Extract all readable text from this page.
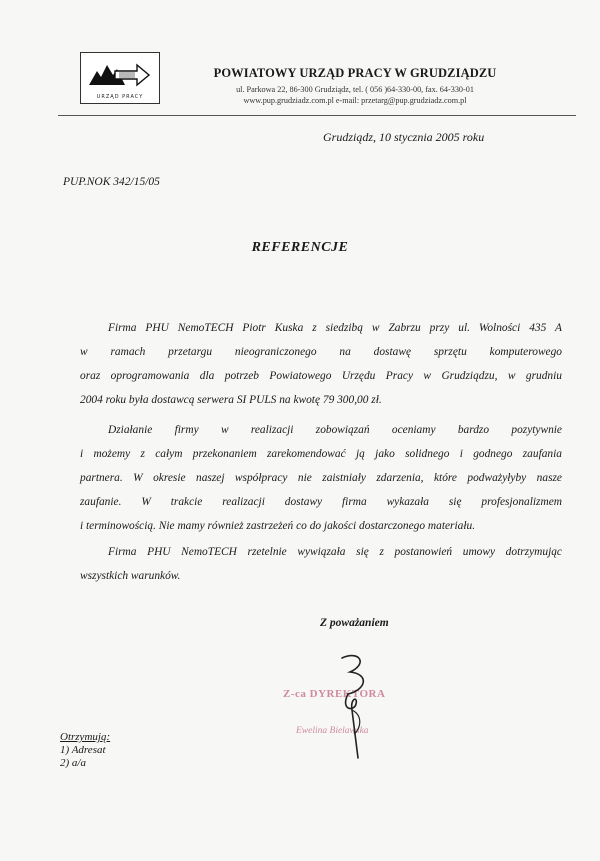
URZĄD PRACY
POWIATOWY URZĄD PRACY W GRUDZIĄDZU
ul. Parkowa 22, 86-300 Grudziądz, tel. ( 056 )64-330-00, fax. 64-330-01
www.pup.grudziadz.com.pl e-mail: przetarg@pup.grudziadz.com.pl
Grudziądz, 10 stycznia 2005 roku
PUP.NOK 342/15/05
REFERENCJE
Firma PHU NemoTECH Piotr Kuska z siedzibą w Zabrzu przy ul. Wolności 435 A
w ramach przetargu nieograniczonego na dostawę sprzętu komputerowego
oraz oprogramowania dla potrzeb Powiatowego Urzędu Pracy w Grudziądzu, w grudniu
2004 roku była dostawcą serwera SI PULS na kwotę 79 300,00 zł.
Działanie firmy w realizacji zobowiązań oceniamy bardzo pozytywnie
i możemy z całym przekonaniem zarekomendować ją jako solidnego i godnego zaufania
partnera. W okresie naszej współpracy nie zaistniały zdarzenia, które podważyłyby nasze
zaufanie. W trakcie realizacji dostawy firma wykazała się profesjonalizmem
i terminowością. Nie mamy również zastrzeżeń co do jakości dostarczonego materiału.
Firma PHU NemoTECH rzetelnie wywiązała się z postanowień umowy dotrzymując
wszystkich warunków.
Z poważaniem
Z-ca DYREKTORA
Ewelina Bielawska
Otrzymują:
1) Adresat
2) a/a
